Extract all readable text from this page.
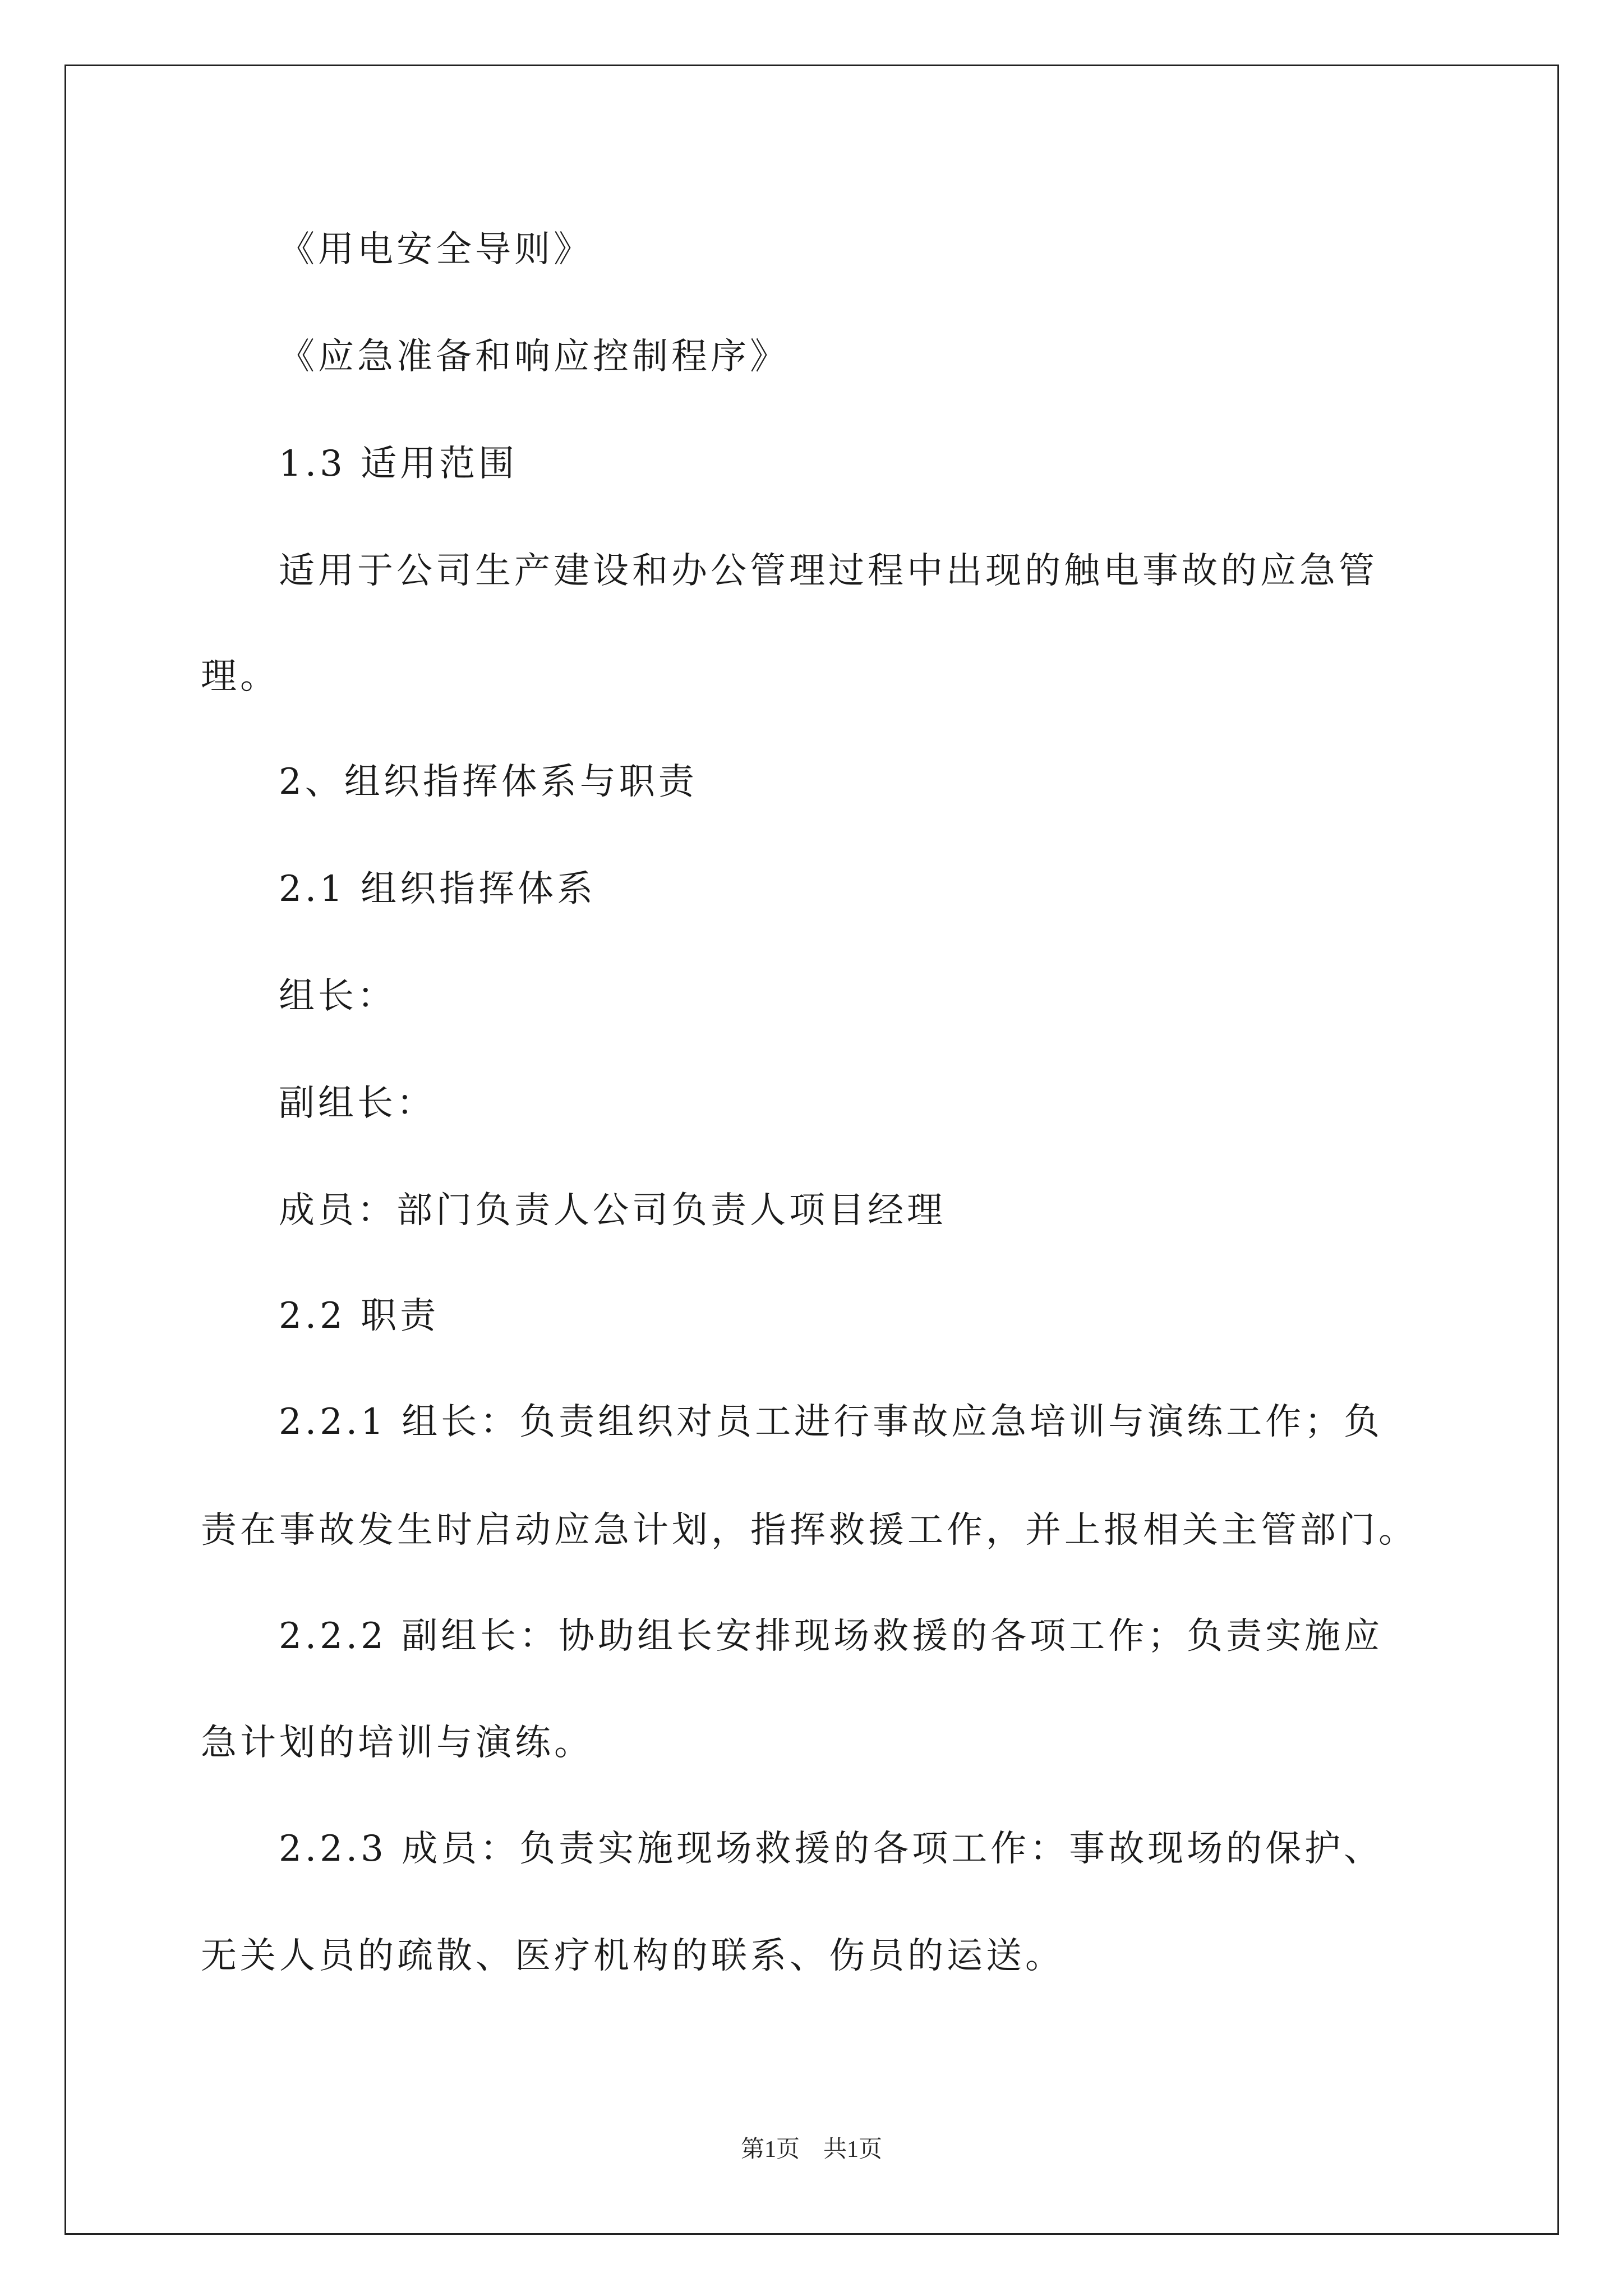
《用电安全导则》
《应急准备和响应控制程序》
1.3 适用范围
适用于公司生产建设和办公管理过程中出现的触电事故的应急管
理。
2、组织指挥体系与职责
2.1 组织指挥体系
组长：
副组长：
成员：部门负责人公司负责人项目经理
2.2 职责
2.2.1 组长：负责组织对员工进行事故应急培训与演练工作；负
责在事故发生时启动应急计划，指挥救援工作，并上报相关主管部门。
2.2.2 副组长：协助组长安排现场救援的各项工作；负责实施应
急计划的培训与演练。
2.2.3 成员：负责实施现场救援的各项工作：事故现场的保护、
无关人员的疏散、医疗机构的联系、伤员的运送。
第1页　共1页
